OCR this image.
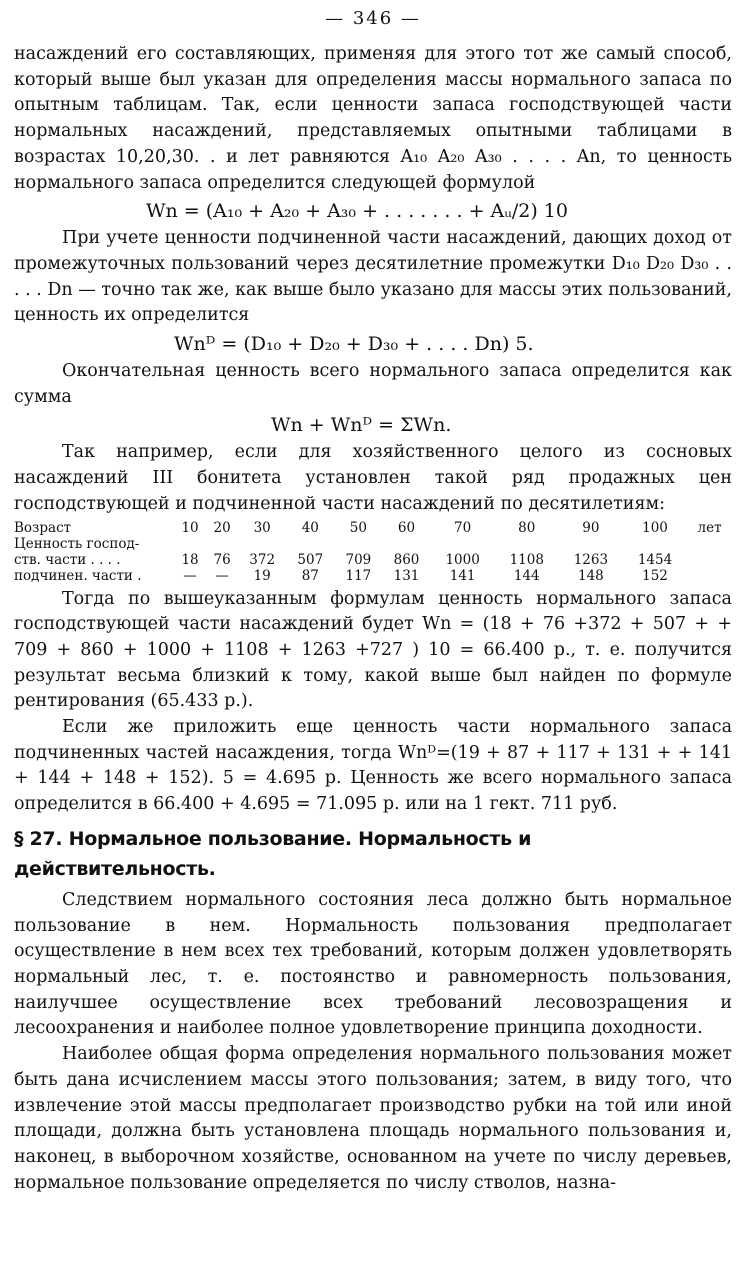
— 346 —

насаждений его составляющих, применяя для этого тот же самый способ, который выше был указан для определения массы нормального запаса по опытным таблицам. Так, если ценности запаса господствующей части нормальных насаждений, представляемых опытными таблицами в возрастах 10,20,30. . и лет равняются A₁₀ A₂₀ A₃₀ . . . . An, то ценность нормального запаса определится следующей формулой

Wn = (A₁₀ + A₂₀ + A₃₀ + . . . . . . . + Aᵤ/2) 10

При учете ценности подчиненной части насаждений, дающих доход от промежуточных пользований через десятилетние промежутки D₁₀ D₂₀ D₃₀ . . . . . Dn — точно так же, как выше было указано для массы этих пользований, ценность их определится

Wnᴰ = (D₁₀ + D₂₀ + D₃₀ + . . . . Dn) 5.

Окончательная ценность всего нормального запаса определится как сумма

Wn + Wnᴰ = ΣWn.

Так например, если для хозяйственного целого из сосновых насаждений III бонитета установлен такой ряд продажных цен господствующей и подчиненной части насаждений по десятилетиям:

Возраст	10	20	30	40	50	60	70	80	90	100	лет
Ценность господ-											
ств. части . . . .	18	76	372	507	709	860	1000	1108	1263	1454	
подчинен. части .	—	—	19	87	117	131	141	144	148	152	

Тогда по вышеуказанным формулам ценность нормального запаса господствующей части насаждений будет Wn = (18 + 76 +372 + 507 + + 709 + 860 + 1000 + 1108 + 1263 +727 ) 10 = 66.400 р., т. е. получится результат весьма близкий к тому, какой выше был найден по формуле рентирования (65.433 р.).

Если же приложить еще ценность части нормального запаса подчиненных частей насаждения, тогда Wnᴰ=(19 + 87 + 117 + 131 + + 141 + 144 + 148 + 152). 5 = 4.695 р. Ценность же всего нормального запаса определится в 66.400 + 4.695 = 71.095 р. или на 1 гект. 711 руб.

§ 27. Нормальное пользование. Нормальность и действительность.

Следствием нормального состояния леса должно быть нормальное пользование в нем. Нормальность пользования предполагает осуществление в нем всех тех требований, которым должен удовлетворять нормальный лес, т. е. постоянство и равномерность пользования, наилучшее осуществление всех требований лесовозращения и лесоохранения и наиболее полное удовлетворение принципа доходности.

Наиболее общая форма определения нормального пользования может быть дана исчислением массы этого пользования; затем, в виду того, что извлечение этой массы предполагает производство рубки на той или иной площади, должна быть установлена площадь нормального пользования и, наконец, в выборочном хозяйстве, основанном на учете по числу деревьев, нормальное пользование определяется по числу стволов, назна-
